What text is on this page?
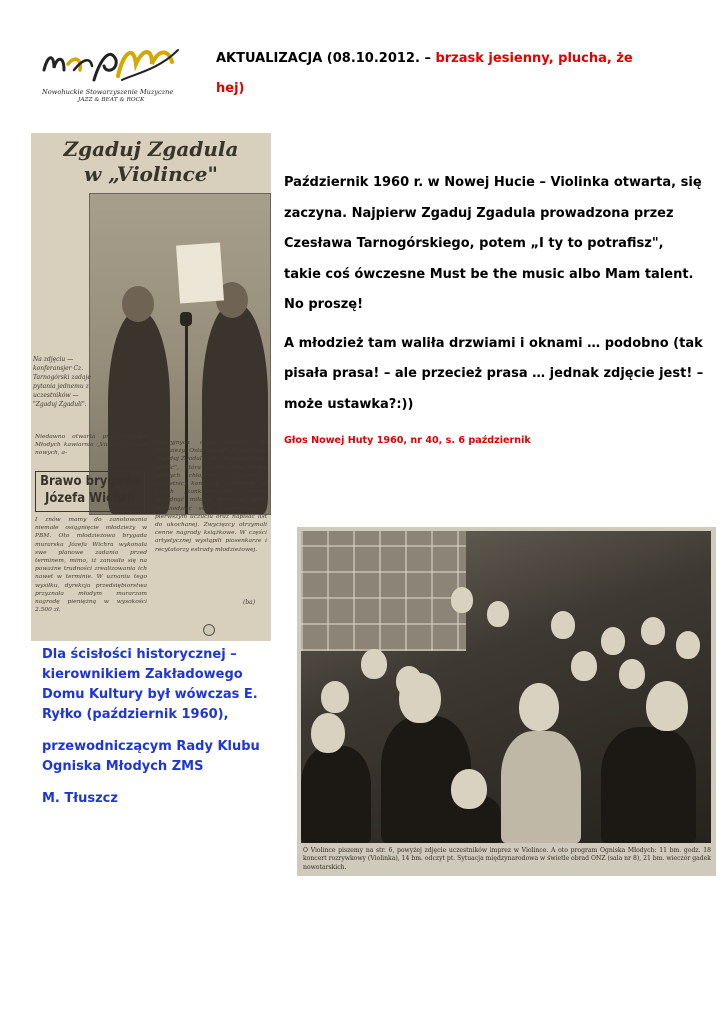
Nowohuckie Stowarzyszenie Muzyczne
JAZZ & BEAT & ROCK
AKTUALIZACJA (08.10.2012. – brzask jesienny, plucha, że hej)
Zgaduj Zgadula
w „Violince"
Na zdjęciu — konferansjer Cz. Tarnogórski zadaje pytania jednemu z uczestników — "Zgaduj Zgaduli".
Niedawno otwarta przy Ognisku Młodych kawiarnia „Violinka" szuka nowych, a-
Brawo brygada Józefa Wichra
I znów mamy do zanotowania niemałe osiągnięcie młodzieży w PBM. Oto młodzieżowa brygada murarska Józefa Wichra wykonała swe planowe zadania przed terminem, mimo, iż zanosiło się na poważne trudności zrealizowania ich nawet w terminie. W uznaniu tego wysiłku, dyrekcja przedsiębiorstwa przyznała młodym murarzom nagrodę pieniężną w wysokości 2.500 zł.
trakcyjnych dróg dotarcia do młodzieży. Ostatnio odbyła się tutaj „Zgaduj Zgadula" pt. „Moja pierwsza miłość", która zgromadziła tłumy młodych chłopców i dziewcząt. Uczestnicy konkursu „startowali" w trzech „konkurencjach": musieli odgadnąć miłości sławnych ludzi, opowiedzieć swe wspomnienia o pierwszym uczuciu oraz napisać list do ukochanej. Zwycięzcy otrzymali cenne nagrody książkowe. W części artystycznej wystąpili piosenkarze i recytatorzy estrady młodzieżowej.
(ba)

Październik 1960 r. w Nowej Hucie – Violinka otwarta, się zaczyna. Najpierw Zgaduj Zgadula prowadzona przez Czesława Tarnogórskiego, potem „I ty to potrafisz", takie coś ówczesne Must be the music albo Mam talent. No proszę!

A młodzież tam waliła drzwiami i oknami … podobno (tak pisała prasa! – ale przecież prasa … jednak zdjęcie jest! – może ustawka?:))

Głos Nowej Huty 1960, nr 40, s. 6 październik

Dla ścisłości historycznej – kierownikiem Zakładowego Domu Kultury był wówczas E. Ryłko (październik 1960),

przewodniczącym Rady Klubu Ogniska Młodych ZMS

M. Tłuszcz

O Violince piszemy na str. 6, powyżej zdjęcie uczestników imprez w Violince. A oto program Ogniska Młodych: 11 bm. godz. 18 koncert rozrywkowy (Violinka), 14 bm. odczyt pt. Sytuacja międzynarodowa w świetle obrad ONZ (sala nr 8), 21 bm. wieczór gadek nowotarskich.
